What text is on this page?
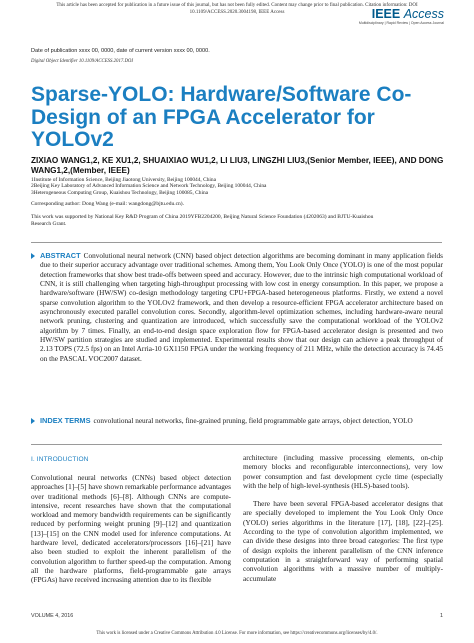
This article has been accepted for publication in a future issue of this journal, but has not been fully edited. Content may change prior to final publication. Citation information: DOI
10.1109/ACCESS.2020.3004198, IEEE Access	IEEE Access
Multidisciplinary | Rapid Review | Open Access Journal
Date of publication xxxx 00, 0000, date of current version xxxx 00, 0000.
Digital Object Identifier 10.1109/ACCESS.2017.DOI
Sparse-YOLO: Hardware/Software Co-Design of an FPGA Accelerator for YOLOv2
ZIXIAO WANG1,2, KE XU1,2, SHUAIXIAO WU1,2, LI LIU3, LINGZHI LIU3,(Senior Member, IEEE), AND DONG WANG1,2,(Member, IEEE)
1Institute of Information Science, Beijing Jiaotong University, Beijing 100044, China
2Beijing Key Laboratory of Advanced Information Science and Network Technology, Beijing 100044, China
3Heterogeneous Computing Group, Kuaishou Technology, Beijing 100085, China
Corresponding author: Dong Wang (e-mail: wangdong@bjtu.edu.cn).
This work was supported by National Key R&D Program of China 2019YFB2204200, Beijing Natural Science Foundation (4202063) and BJTU-Kuaishou Research Grant.
ABSTRACT Convolutional neural network (CNN) based object detection algorithms are becoming dominant in many application fields due to their superior accuracy advantage over traditional schemes. Among them, You Look Only Once (YOLO) is one of the most popular detection frameworks that show best trade-offs between speed and accuracy. However, due to the intrinsic high computational workload of CNN, it is still challenging when targeting high-throughput processing with low cost in energy consumption. In this paper, we propose a hardware/software (HW/SW) co-design methodology targeting CPU+FPGA-based heterogeneous platforms. Firstly, we extend a novel sparse convolution algorithm to the YOLOv2 framework, and then develop a resource-efficient FPGA accelerator architecture based on asynchronously executed parallel convolution cores. Secondly, algorithm-level optimization schemes, including hardware-aware neural network pruning, clustering and quantization are introduced, which successfully save the computational workload of the YOLOv2 algorithm by 7 times. Finally, an end-to-end design space exploration flow for FPGA-based accelerator design is presented and two HW/SW partition strategies are studied and implemented. Experimental results show that our design can achieve a peak throughput of 2.13 TOPS (72.5 fps) on an Intel Arria-10 GX1150 FPGA under the working frequency of 211 MHz, while the detection accuracy is 74.45 on the PASCAL VOC2007 dataset.
INDEX TERMS convolutional neural networks, fine-grained pruning, field programmable gate arrays, object detection, YOLO
I. INTRODUCTION
Convolutional neural networks (CNNs) based object detection approaches [1]–[5] have shown remarkable performance advantages over traditional methods [6]–[8]. Although CNNs are compute-intensive, recent researches have shown that the computational workload and memory bandwidth requirements can be significantly reduced by performing weight pruning [9]–[12] and quantization [13]–[15] on the CNN model used for inference computations. At hardware level, dedicated accelerators/processors [16]–[21] have also been studied to exploit the inherent parallelism of the convolution algorithm to further speed-up the computation. Among all the hardware platforms, field-programmable gate arrays (FPGAs) have received increasing attention due to its flexible

architecture (including massive processing elements, on-chip memory blocks and reconfigurable interconnections), very low power consumption and fast development cycle time (especially with the help of high-level-synthesis (HLS)-based tools).

There have been several FPGA-based accelerator designs that are specially developed to implement the You Look Only Once (YOLO) series algorithms in the literature [17], [18], [22]–[25]. According to the type of convolution algorithm implemented, we can divide these designs into three broad categories: The first type of design exploits the inherent parallelism of the CNN inference computation in a straightforward way of performing spatial convolution algorithms with a massive number of multiply-accumulate

VOLUME 4, 2016	1
This work is licensed under a Creative Commons Attribution 4.0 License. For more information, see https://creativecommons.org/licenses/by/4.0/.
